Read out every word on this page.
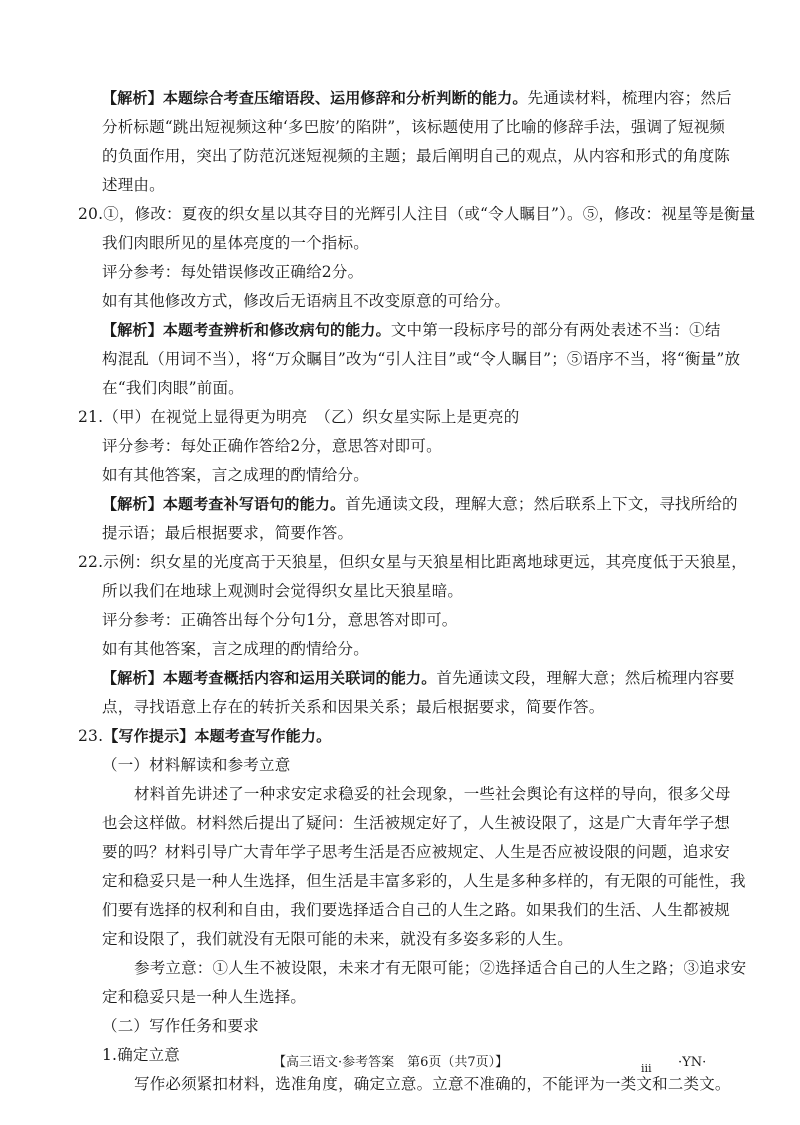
【解析】本题综合考查压缩语段、运用修辞和分析判断的能力。先通读材料，梳理内容；然后
分析标题“跳出短视频这种‘多巴胺’的陷阱”，该标题使用了比喻的修辞手法，强调了短视频
的负面作用，突出了防范沉迷短视频的主题；最后阐明自己的观点，从内容和形式的角度陈
述理由。
20.①，修改：夏夜的织女星以其夺目的光辉引人注目（或“令人瞩目”）。⑤，修改：视星等是衡量
我们肉眼所见的星体亮度的一个指标。
评分参考：每处错误修改正确给2分。
如有其他修改方式，修改后无语病且不改变原意的可给分。
【解析】本题考查辨析和修改病句的能力。文中第一段标序号的部分有两处表述不当：①结
构混乱（用词不当），将“万众瞩目”改为“引人注目”或“令人瞩目”；⑤语序不当，将“衡量”放
在“我们肉眼”前面。
21.（甲）在视觉上显得更为明亮　（乙）织女星实际上是更亮的
评分参考：每处正确作答给2分，意思答对即可。
如有其他答案，言之成理的酌情给分。
【解析】本题考查补写语句的能力。首先通读文段，理解大意；然后联系上下文，寻找所给的
提示语；最后根据要求，简要作答。
22.示例：织女星的光度高于天狼星，但织女星与天狼星相比距离地球更远，其亮度低于天狼星，
所以我们在地球上观测时会觉得织女星比天狼星暗。
评分参考：正确答出每个分句1分，意思答对即可。
如有其他答案，言之成理的酌情给分。
【解析】本题考查概括内容和运用关联词的能力。首先通读文段，理解大意；然后梳理内容要
点，寻找语意上存在的转折关系和因果关系；最后根据要求，简要作答。
23.【写作提示】本题考查写作能力。
（一）材料解读和参考立意
材料首先讲述了一种求安定求稳妥的社会现象，一些社会舆论有这样的导向，很多父母
也会这样做。材料然后提出了疑问：生活被规定好了，人生被设限了，这是广大青年学子想
要的吗？材料引导广大青年学子思考生活是否应被规定、人生是否应被设限的问题，追求安
定和稳妥只是一种人生选择，但生活是丰富多彩的，人生是多种多样的，有无限的可能性，我
们要有选择的权利和自由，我们要选择适合自己的人生之路。如果我们的生活、人生都被规
定和设限了，我们就没有无限可能的未来，就没有多姿多彩的人生。
参考立意：①人生不被设限，未来才有无限可能；②选择适合自己的人生之路；③追求安
【高三语文·参考答案　第6页（共7页）】	ⅲ ·YN·
定和稳妥只是一种人生选择。
（二）写作任务和要求
1.确定立意
写作必须紧扣材料，选准角度，确定立意。立意不准确的，不能评为一类文和二类文。
